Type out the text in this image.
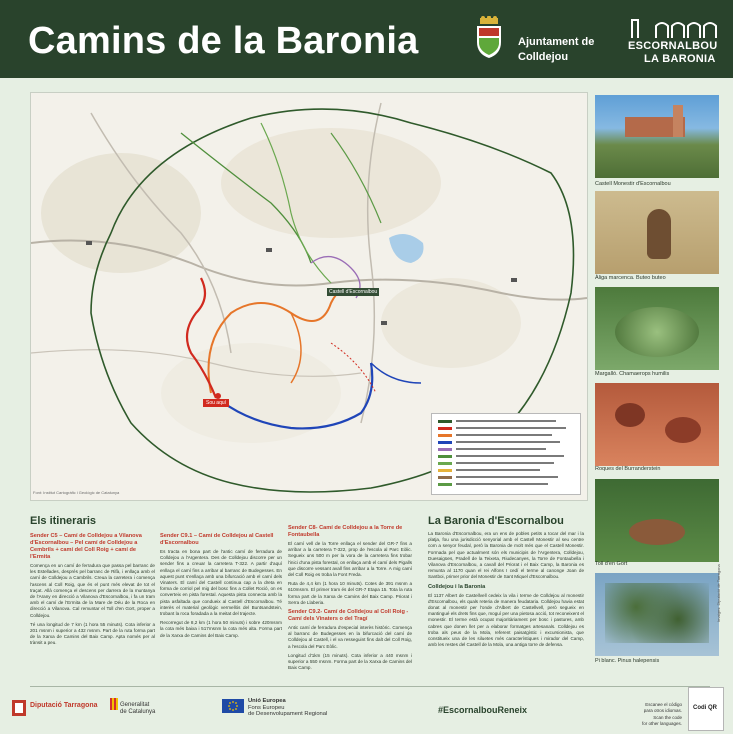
Camins de la Baronia	Ajuntament de
Colldejou
ESCORNALBOU
LA BARONIA
Sou aquí
Castell d'Escornalbou
Font: Institut Cartogràfic i Geològic de Catalunya
Castell Monestir d'Escornalbou
Àliga marcenca. Buteo buteo
Margalló. Chamaerops humilis
Roques del Burranderstein
Toll d'en Gort
Pi blanc. Pinus halepensis
Imatges: Diputació de Tarragona
Els itineraris
Sender C5 – Camí de Colldejou a Vilanova d'Escornalbou – Pel camí de Colldejou a Cembrils + camí del Coll Roig + camí de l'Ermita

Comença en un camí de ferradura que passa pel barranc de les Estellades, després pel barranc de Rifà, i enllaça amb el camí de Colldejou a Cambrils. Creua la carretera i comença l'ascens al Coll Roig, que és el punt més elevat de tot el traçat. Allà comença el descens per darrera de la muntanya de l'Arany en direcció a Vilanova d'Escornalbou, i fa un tram amb el camí de l'Ermita de la Mare de Déu de la Roca en direcció a Vilanova. Cal remuntar el Toll d'en Gort, proper a Colldejou.

Té una longitud de 7 km (1 hora 55 minuts). Cota inferior a 201 msnm i superior a 432 msnm. Part de la ruta forma part de la Xarxa de Camins del Baix Camp. Apta només per al trànsit a peu.

Sender C9.1 – Camí de Colldejou al Castell d'Escornalbou

Es tracta en bona part de l'antic camí de ferradura de Colldejou a l'Argentera. Des de Colldejou discorre per un sender fins a creuar la carretera T-322. A partir d'aquí enllaça el camí fins a arribar al barranc de Budegesses. En aquest punt s'enllaça amb una bifurcació amb el camí dels Vinaters. El camí del Castell continua cap a la dreta en forma de corriol pel mig del bosc fins a Collet Roció, on es converteix en pista forestal. Aquesta pista connecta amb la pista asfaltada que condueix al Castell d'Escornalbou. Té interès el material geològic vermellós del Buntsandstein, trobant la roca foradada a la meitat del trajecte.

Recorregut de 8,2 km (1 hora 50 minuts) i sobre 420msnm la cota més baixa i 517msnm la cota més alta. Forma part de la Xarxa de Camins del Baix Camp.

Sender C8- Camí de Colldejou a la Torre de Fontaubella

El camí vell de la Torre enllaça el sender del GR-7 fins a arribar a la carretera T-322, prop de l'escola al Parc Eòlic. Segueix uns 500 m per la vora de la carretera fins trobar l'inici d'una pista forestal, on enllaça amb el camí dels Pigalls que discorre vessant avall fins arribar a la Torre. A mig camí del Coll Roig es troba la Font Freda.

Ruta de 4,4 km (1 hora 10 minuts). Cotes de 391 msnm a 610msnm. El primer tram és del GR-7 Etapa 15. Tota la ruta forma part de la Xarxa de Camins del Baix Camp. Priorat i Serra de Llaberia.

Sender C9.2- Camí de Colldejou al Coll Roig - Camí dels Vinaters o del Tragí

Antic camí de ferradura d'especial interès històric. Comença al barranc de Budegesses en la bifurcació del camí de Colldejou al Castell, i el va resseguint fins dalt del Coll Roig, a l'escola del Parc Eòlic.

Longitud d'1km (15 minuts). Cota inferior a 440 msnm i superior a 550 msnm. Forma part de la Xarxa de Camins del Baix Camp.

La Baronia d'Escornalbou

La Baronia d'Escornalbou, era un ens de pobles petits a tocar del mar i la platja, fou una jurisdicció senyorial amb el Castell Monestir al seu centre com a senyor feudal, però la Baronia de molt més que el Castell Monestir. Formada pel que actualment són els municipis de l'Argentera, Colldejou, Duesaigües, Pradell de la Teixeta, Riudecanyes, la Torre de Fontaubella i Vilanova d'Escornalbou, a cavall del Priorat i el Baix Camp, la Baronia es remunta al 1170 quan el rei Alfons I cedí el terme al canonge Joan de Santboi, primer prior del Monestir de Sant Miquel d'Escornalbou.

Colldejou i la Baronia

El 1137 Albert de Castellvell cedeix la vila i terme de Colldejou al monestir d'Escornalbou, els quals reteria de manera feudataria. Colldejou havia estat donat al monestir per l'onde d'Albert de Castellvell, però segueix en mantingué els drets fins que, moguí per una pietosa acció, tot reconeixent el monestir. El terme està ocupat majoritàriament per bosc i pastures, amb cabres que donen llet per a elaborar formatges artesanals. Colldejou es troba als peus de la Mola, referent paisatgístic i excursionista, que constitueix una de les siluetes més característiques i mirador del Camp, amb les restes del Castell de la Mola, una antiga torre de defensa.

Diputació Tarragona	Generalitat
de Catalunya
Unió Europea
Fons Europeu
de Desenvolupament Regional	#EscornalbouReneix
Escanee el código
para otros idiomas.
Scan the code
for other languages.
Codi QR
